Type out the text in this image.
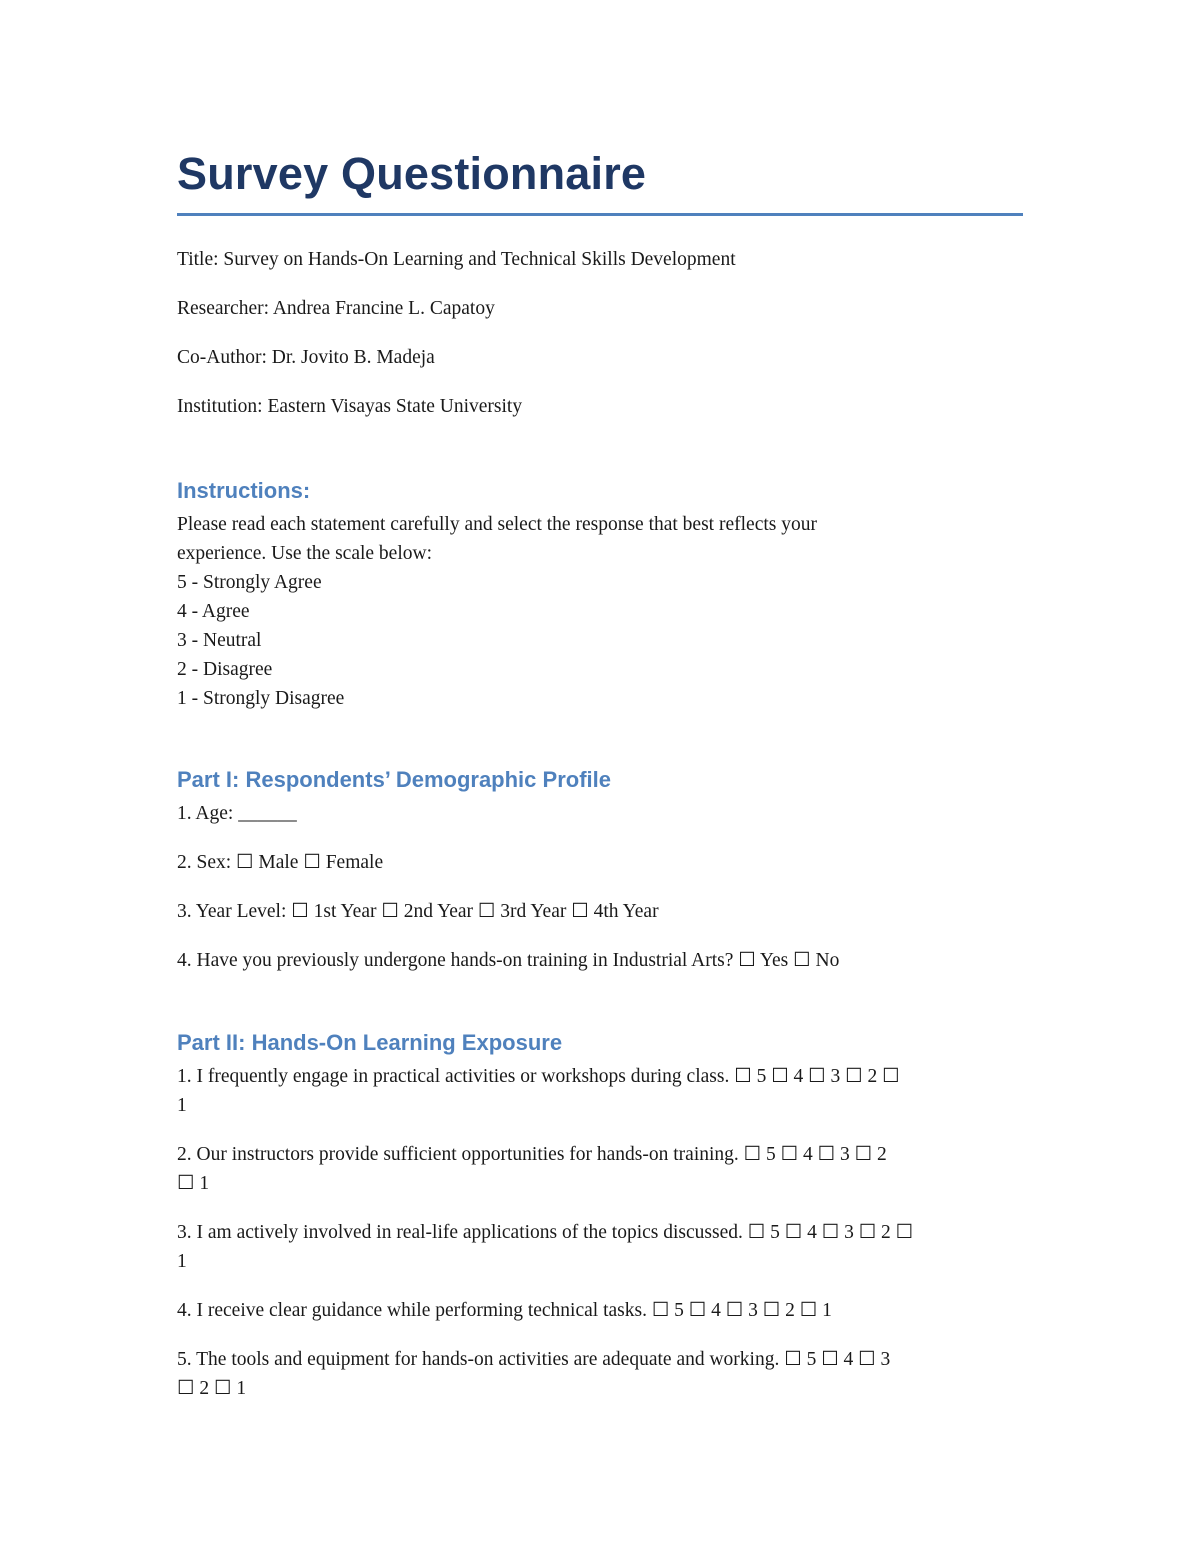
Survey Questionnaire

Title: Survey on Hands-On Learning and Technical Skills Development

Researcher: Andrea Francine L. Capatoy

Co-Author: Dr. Jovito B. Madeja

Institution: Eastern Visayas State University

Instructions:

Please read each statement carefully and select the response that best reflects your

experience. Use the scale below:

5 - Strongly Agree

4 - Agree

3 - Neutral

2 - Disagree

1 - Strongly Disagree

Part I: Respondents’ Demographic Profile

1. Age: ______

2. Sex: ☐ Male ☐ Female

3. Year Level: ☐ 1st Year ☐ 2nd Year ☐ 3rd Year ☐ 4th Year

4. Have you previously undergone hands-on training in Industrial Arts? ☐ Yes ☐ No

Part II: Hands-On Learning Exposure

1. I frequently engage in practical activities or workshops during class. ☐ 5 ☐ 4 ☐ 3 ☐ 2 ☐

1

2. Our instructors provide sufficient opportunities for hands-on training. ☐ 5 ☐ 4 ☐ 3 ☐ 2

☐ 1

3. I am actively involved in real-life applications of the topics discussed. ☐ 5 ☐ 4 ☐ 3 ☐ 2 ☐

1

4. I receive clear guidance while performing technical tasks. ☐ 5 ☐ 4 ☐ 3 ☐ 2 ☐ 1

5. The tools and equipment for hands-on activities are adequate and working. ☐ 5 ☐ 4 ☐ 3

☐ 2 ☐ 1
